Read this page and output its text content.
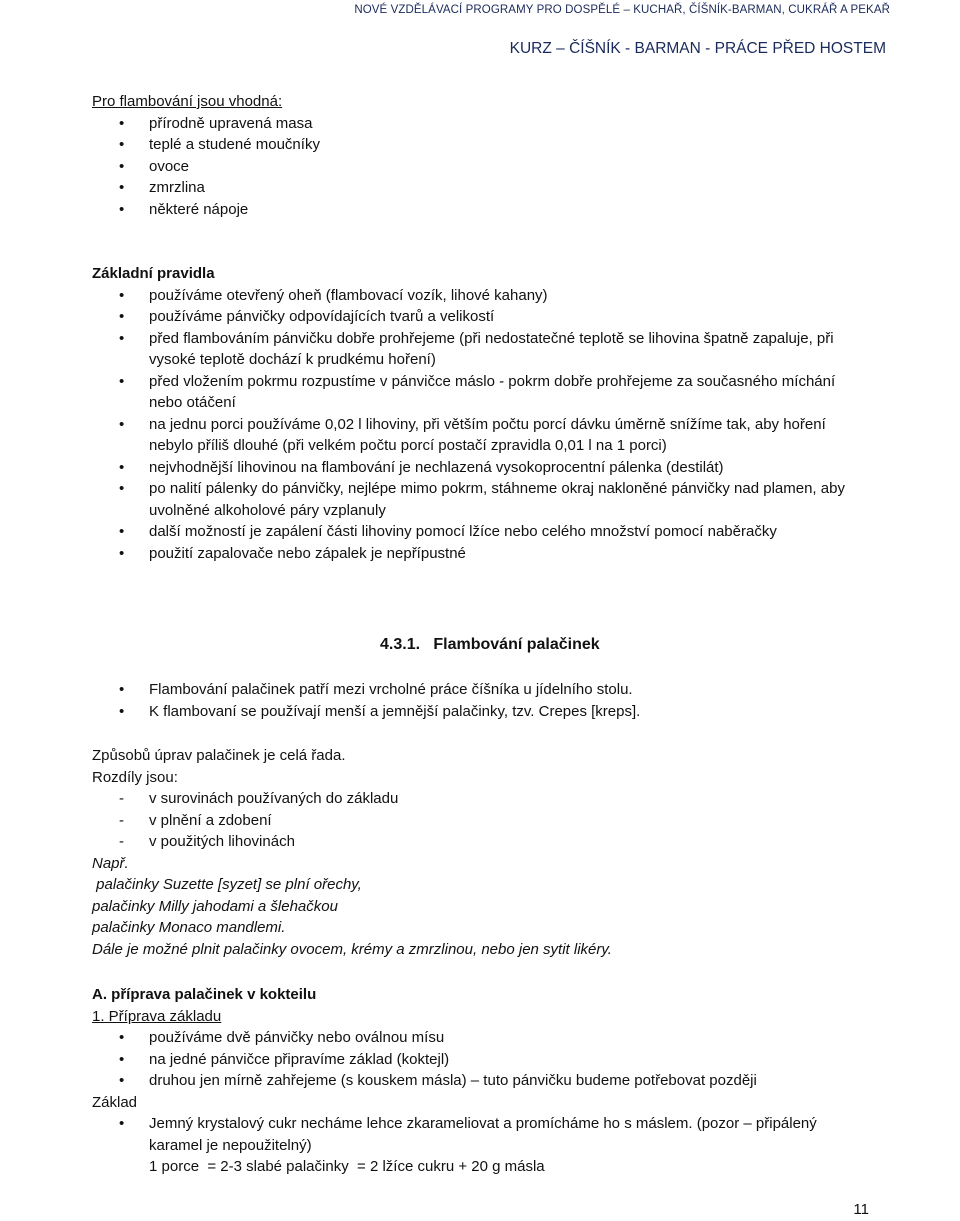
NOVÉ VZDĚLÁVACÍ PROGRAMY PRO DOSPĚLÉ – KUCHAŘ, ČÍŠNÍK-BARMAN, CUKRÁŘ A PEKAŘ
KURZ – ČÍŠNÍK - BARMAN - PRÁCE PŘED HOSTEM
Pro flambování jsou vhodná:
• přírodně upravená masa
• teplé a studené moučníky
• ovoce
• zmrzlina
• některé nápoje
Základní pravidla
• používáme otevřený oheň (flambovací vozík, lihové kahany)
• používáme pánvičky odpovídajících tvarů a velikostí
• před flambováním pánvičku dobře prohřejeme (při nedostatečné teplotě se lihovina špatně zapaluje, při vysoké teplotě dochází k prudkému hoření)
• před vložením pokrmu rozpustíme v pánvičce máslo - pokrm dobře prohřejeme za současného míchání nebo otáčení
• na jednu porci používáme 0,02 l lihoviny, při větším počtu porcí dávku úměrně snížíme tak, aby hoření nebylo příliš dlouhé (při velkém počtu porcí postačí zpravidla 0,01 l na 1 porci)
• nejvhodnější lihovinou na flambování je nechlazená vysokoprocentní pálenka (destilát)
• po nalití pálenky do pánvičky, nejlépe mimo pokrm, stáhneme okraj nakloněné pánvičky nad plamen, aby uvolněné alkoholové páry vzplanuly
• další možností je zapálení části lihoviny pomocí lžíce nebo celého množství pomocí naběračky
• použití zapalovače nebo zápalek je nepřípustné
4.3.1. Flambování palačinek
• Flambování palačinek patří mezi vrcholné práce číšníka u jídelního stolu.
• K flambovaní se používají menší a jemnější palačinky, tzv. Crepes [kreps].
Způsobů úprav palačinek je celá řada.
Rozdíly jsou:
- v surovinách používaných do základu
- v plnění a zdobení
- v použitých lihovinách
Např.
palačinky Suzette [syzet] se plní ořechy,
palačinky Milly jahodami a šlehačkou
palačinky Monaco mandlemi.
Dále je možné plnit palačinky ovocem, krémy a zmrzlinou, nebo jen sytit likéry.
A. příprava palačinek v kokteilu
1. Příprava základu
• používáme dvě pánvičky nebo oválnou mísu
• na jedné pánvičce připravíme základ (koktejl)
• druhou jen mírně zahřejeme (s kouskem másla) – tuto pánvičku budeme potřebovat později
Základ
• Jemný krystalový cukr necháme lehce zkarameliovat a promícháme ho s máslem. (pozor – připálený karamel je nepoužitelný)
1 porce  = 2-3 slabé palačinky  = 2 lžíce cukru + 20 g másla
11
